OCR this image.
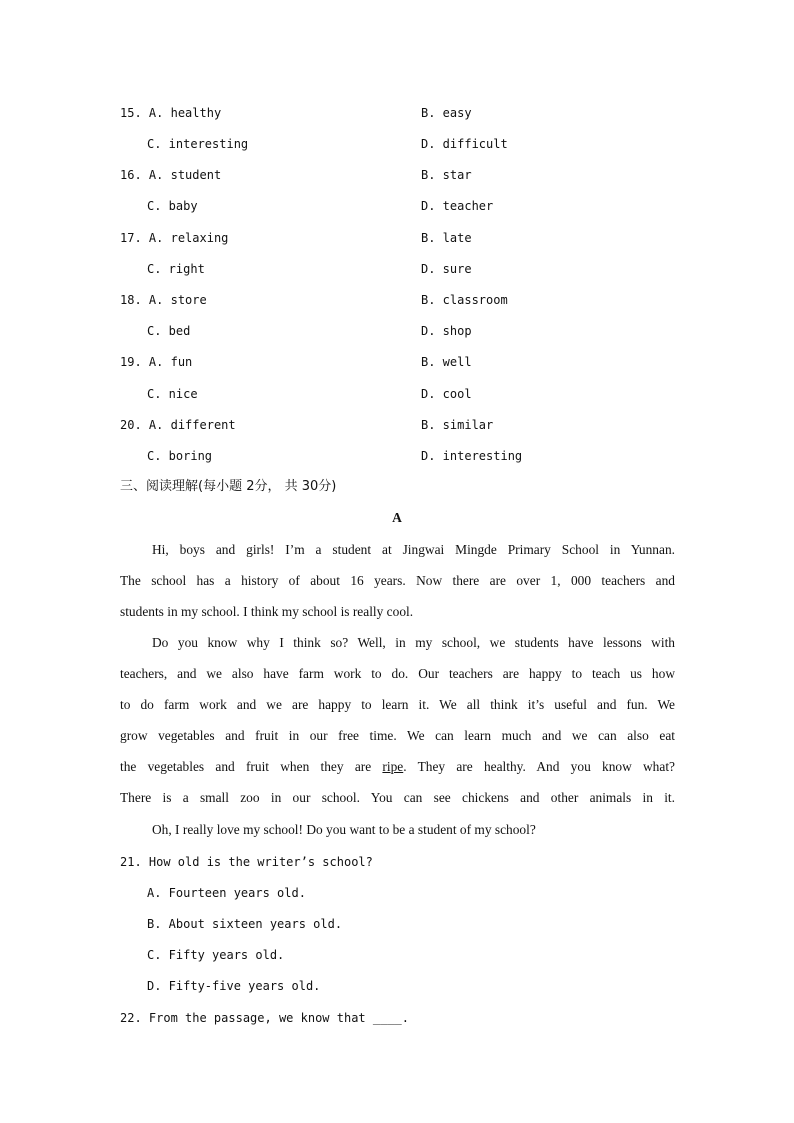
15. A. healthy	B. easy
C. interesting	D. difficult
16. A. student	B. star
C. baby	D. teacher
17. A. relaxing	B. late
C. right	D. sure
18. A. store	B. classroom
C. bed	D. shop
19. A. fun	B. well
C. nice	D. cool
20. A. different	B. similar
C. boring	D. interesting
三、阅读理解(每小题 2分， 共 30分)
A
Hi, boys and girls! I’m a student at Jingwai Mingde Primary School in Yunnan.
The school has a history of about 16 years. Now there are over 1, 000 teachers and
students in my school. I think my school is really cool.
Do you know why I think so? Well, in my school, we students have lessons with
teachers, and we also have farm work to do. Our teachers are happy to teach us how
to do farm work and we are happy to learn it. We all think it’s useful and fun. We
grow vegetables and fruit in our free time. We can learn much and we can also eat
the vegetables and fruit when they are ripe. They are healthy. And you know what?
There is a small zoo in our school. You can see chickens and other animals in it.
Oh, I really love my school! Do you want to be a student of my school?
21. How old is the writer’s school?
A. Fourteen years old.
B. About sixteen years old.
C. Fifty years old.
D. Fifty-five years old.
22. From the passage, we know that ____.
